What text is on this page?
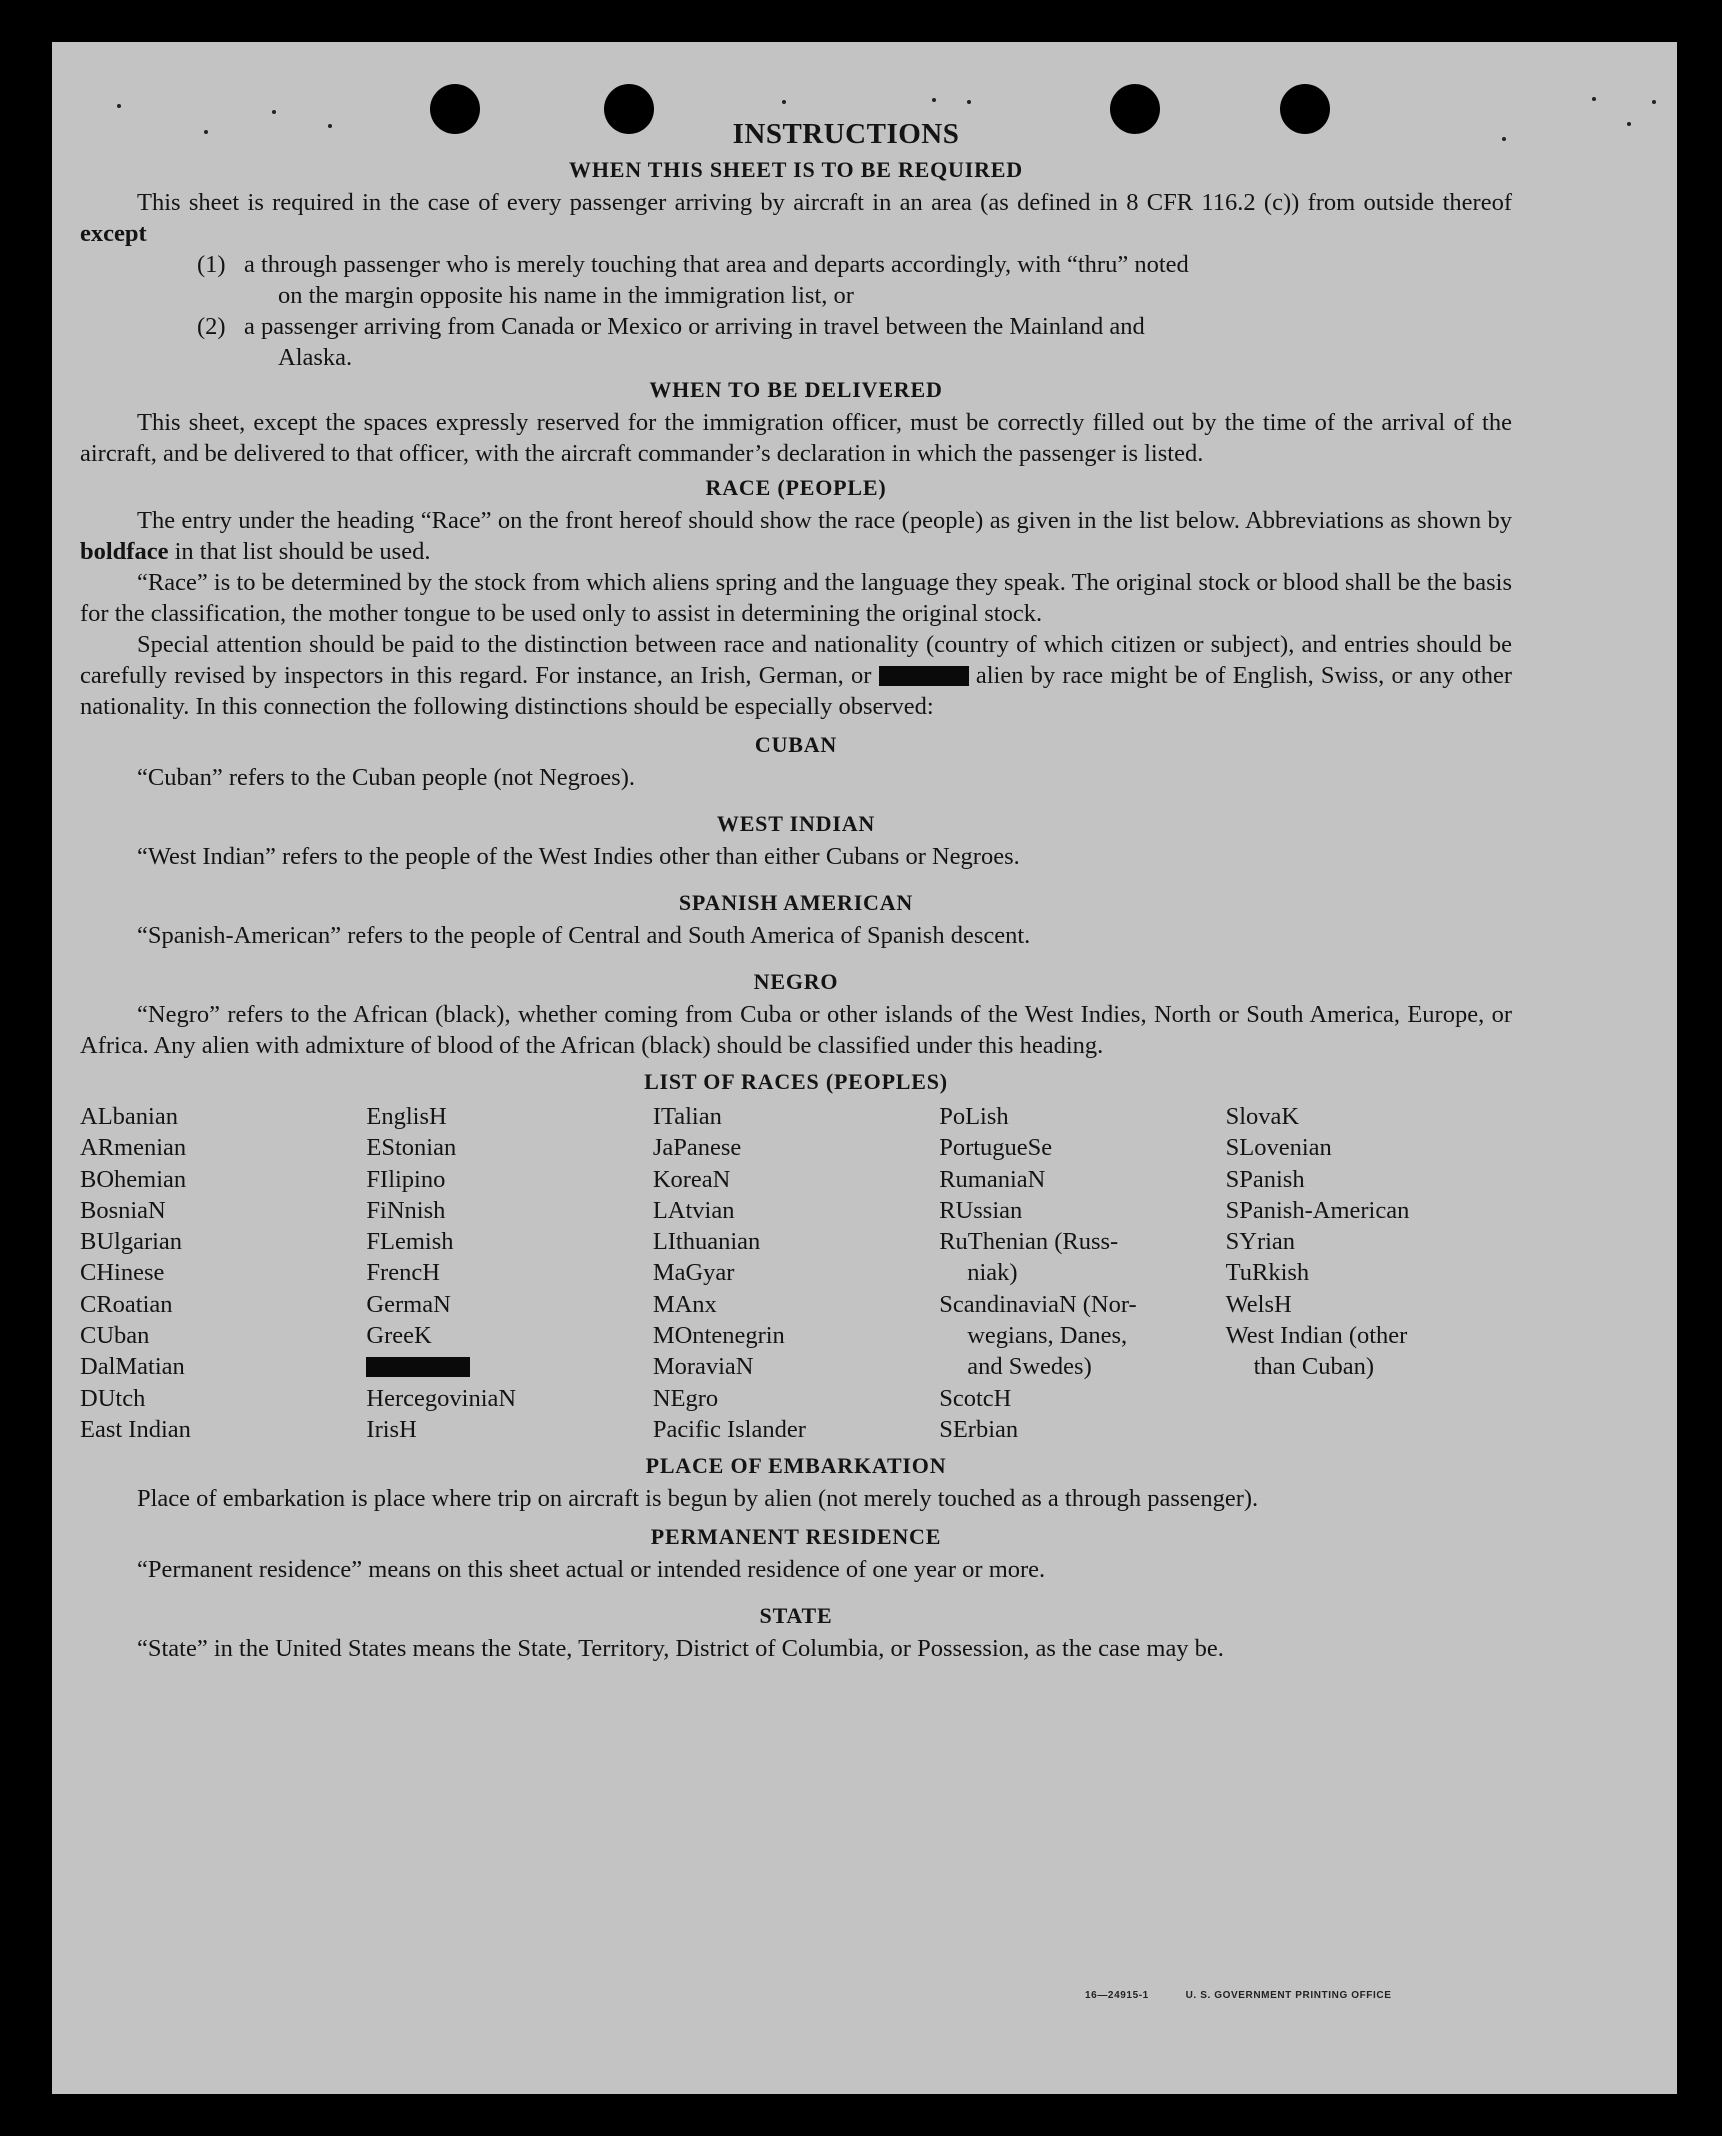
INSTRUCTIONS
WHEN THIS SHEET IS TO BE REQUIRED

This sheet is required in the case of every passenger arriving by aircraft in an area (as defined in 8 CFR 116.2 (c)) from outside thereof except

(1) a through passenger who is merely touching that area and departs accordingly, with “thru” noted
on the margin opposite his name in the immigration list, or
(2) a passenger arriving from Canada or Mexico or arriving in travel between the Mainland and
Alaska.
WHEN TO BE DELIVERED

This sheet, except the spaces expressly reserved for the immigration officer, must be correctly filled out by the time of the arrival of the aircraft, and be delivered to that officer, with the aircraft commander’s declaration in which the passenger is listed.

RACE (PEOPLE)

The entry under the heading “Race” on the front hereof should show the race (people) as given in the list below. Abbreviations as shown by boldface in that list should be used.

“Race” is to be determined by the stock from which aliens spring and the language they speak. The original stock or blood shall be the basis for the classification, the mother tongue to be used only to assist in determining the original stock.

Special attention should be paid to the distinction between race and nationality (country of which citizen or subject), and entries should be carefully revised by inspectors in this regard. For instance, an Irish, German, or	alien by race might be of English, Swiss, or any other nationality. In this connection the following distinctions should be especially observed:

CUBAN

“Cuban” refers to the Cuban people (not Negroes).

WEST INDIAN

“West Indian” refers to the people of the West Indies other than either Cubans or Negroes.

SPANISH AMERICAN

“Spanish-American” refers to the people of Central and South America of Spanish descent.

NEGRO

“Negro” refers to the African (black), whether coming from Cuba or other islands of the West Indies, North or South America, Europe, or Africa. Any alien with admixture of blood of the African (black) should be classified under this heading.

LIST OF RACES (PEOPLES)
ALbanian
ARmenian
BOhemian
BosniaN
BUlgarian
CHinese
CRoatian
CUban
DalMatian
DUtch
East Indian
EnglisH
EStonian
FIlipino
FiNnish
FLemish
FrencH
GermaN
GreeK
HercegoviniaN
IrisH
ITalian
JaPanese
KoreaN
LAtvian
LIthuanian
MaGyar
MAnx
MOntenegrin
MoraviaN
NEgro
Pacific Islander
PoLish
PortugueSe
RumaniaN
RUssian
RuThenian (Russ-
niak)
ScandinaviaN (Nor-
wegians, Danes,
and Swedes)
ScotcH
SErbian
SlovaK
SLovenian
SPanish
SPanish-American
SYrian
TuRkish
WelsH
West Indian (other
than Cuban)
PLACE OF EMBARKATION

Place of embarkation is place where trip on aircraft is begun by alien (not merely touched as a through passenger).

PERMANENT RESIDENCE

“Permanent residence” means on this sheet actual or intended residence of one year or more.

STATE

“State” in the United States means the State, Territory, District of Columbia, or Possession, as the case may be.

16—24915-1	U. S. GOVERNMENT PRINTING OFFICE
